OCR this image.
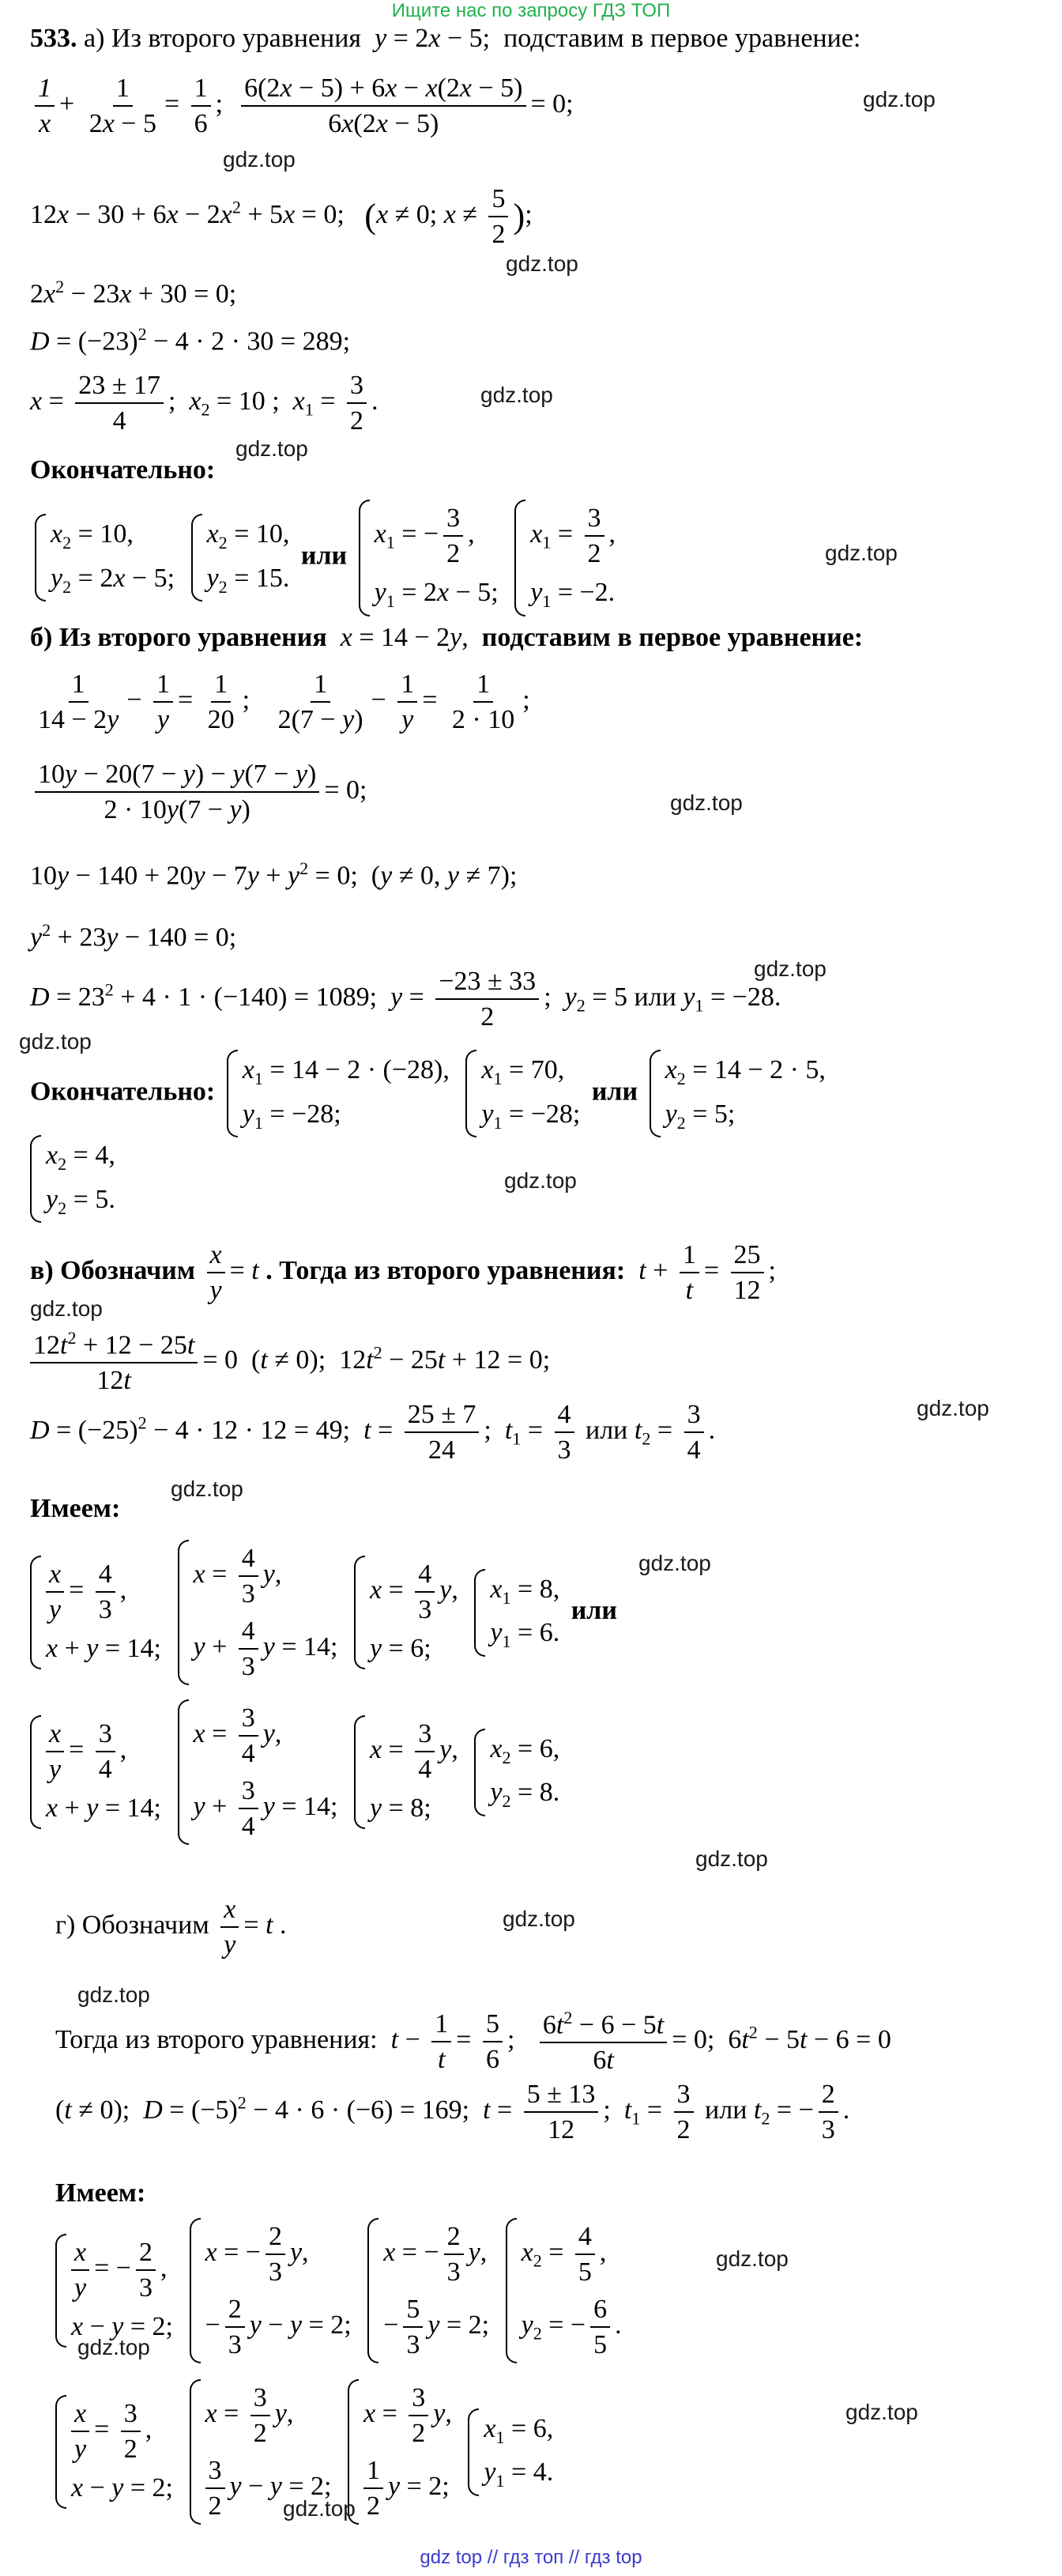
Ищите нас по запросу ГДЗ ТОП
533. а) Из второго уравнения y = 2x − 5;  подставим в первое уравнение:
$\frac{1}{x} + \frac{1}{2x - 5} = \frac{1}{6}$ ; $\frac{6(2x - 5) + 6x - x(2x - 5)}{6x(2x - 5)} = 0$;
$12x - 30 + 6x - 2x^2 + 5x = 0$;   (x ≠ 0; $x \ne \frac{5}{2}$ );
$2x^2 - 23x + 30 = 0$;
$D = (-23)^2 - 4 \cdot 2 \cdot 30 = 289$;
$x = \frac{23 \pm 17}{4}$ ;  $x_2 = 10$ ;  $x_1 = \frac{3}{2}$ .
Окончательно:
$x_2 = 10$,
$y_2 = 2x - 5$;

$x_2 = 10$,
$y_2 = 15$.
или
$x_1$ = − $\frac{3}{2}$ ,
$y_1 = 2x - 5$;

$x_1 = \frac{3}{2}$ ,
$y_1 = -2$.
б) Из второго уравнения x = 14 − 2y,  подставим в первое уравнение:
$\frac{1}{14 - 2y} - \frac{1}{y} = \frac{1}{20}$ ; $\frac{1}{2(7 - y)} - \frac{1}{y} = \frac{1}{2 \cdot 10}$ ;
$\frac{10y - 20(7 - y) - y(7 - y)}{2 \cdot 10y(7 - y)} = 0$;
$10y - 140 + 20y - 7y + y^2 = 0$;  (y ≠ 0, y ≠ 7);
$y^2 + 23y - 140 = 0$;
$D = 23^2 + 4 \cdot 1 \cdot (-140) = 1089$;  $y = \frac{-23 \pm 33}{2}$ ;  $y_2 = 5$ или $y_1 = -28$.
Окончательно:
$x_1 = 14 - 2 \cdot (-28)$,
$y_1 = -28$;

$x_1 = 70$,
$y_1 = -28$;
или
$x_2 = 14 - 2 \cdot 5$,
$y_2 = 5$;
$x_2 = 4$,
$y_2 = 5$.
в) Обозначим $\frac{x}{y} = t$ . Тогда из второго уравнения: $t + \frac{1}{t} = \frac{25}{12}$ ;
$\frac{12t^2 + 12 - 25t}{12t} = 0$  (t ≠ 0);  $12t^2 - 25t + 12 = 0$;
$D = (-25)^2 - 4 \cdot 12 \cdot 12 = 49$;  $t = \frac{25 \pm 7}{24}$ ;  $t_1 = \frac{4}{3}$ или $t_2 = \frac{3}{4}$ .
Имеем:
$\frac{x}{y} = \frac{4}{3}$ ,
x + y = 14;

$x = \frac{4}{3} y$,
$y + \frac{4}{3}$ y = 14;

$x = \frac{4}{3} y$,
y = 6;

$x_1 = 8$,
$y_1 = 6$.
или
$\frac{x}{y} = \frac{3}{4}$ ,
x + y = 14;

$x = \frac{3}{4} y$,
$y + \frac{3}{4}$ y = 14;

$x = \frac{3}{4} y$,
y = 8;

$x_2 = 6$,
$y_2 = 8$.
г) Обозначим $\frac{x}{y} = t$ .
Тогда из второго уравнения: $t - \frac{1}{t} = \frac{5}{6}$ ; $\frac{6t^2 - 6 - 5t}{6t} = 0$;  $6t^2 - 5t - 6 = 0$
(t ≠ 0);  $D = (-5)^2 - 4 \cdot 6 \cdot (-6) = 169$;  $t = \frac{5 \pm 13}{12}$ ;  $t_1 = \frac{3}{2}$ или $t_2$ = − $\frac{2}{3}$ .
Имеем:
$\frac{x}{y}$ = − $\frac{2}{3}$ ,
x − y = 2;

x = − $\frac{2}{3} y$,
− $\frac{2}{3}$ y − y = 2;

x = − $\frac{2}{3} y$,
− $\frac{5}{3}$ y = 2;

$x_2 = \frac{4}{5}$ ,
$y_2$ = − $\frac{6}{5}$ .
$\frac{x}{y} = \frac{3}{2}$ ,
x − y = 2;

$x = \frac{3}{2} y$,
$\frac{3}{2}$ y − y = 2;

$x = \frac{3}{2} y$,
$\frac{1}{2}$ y = 2;

$x_1 = 6$,
$y_1 = 4$.
gdz.top
gdz.top
gdz.top
gdz.top
gdz.top
gdz.top
gdz.top
gdz.top
gdz.top
gdz.top
gdz.top
gdz.top
gdz.top
gdz.top
gdz.top
gdz.top
gdz.top
gdz.top
gdz.top
gdz.top
gdz.top
gdz top // гдз топ // гдз top
